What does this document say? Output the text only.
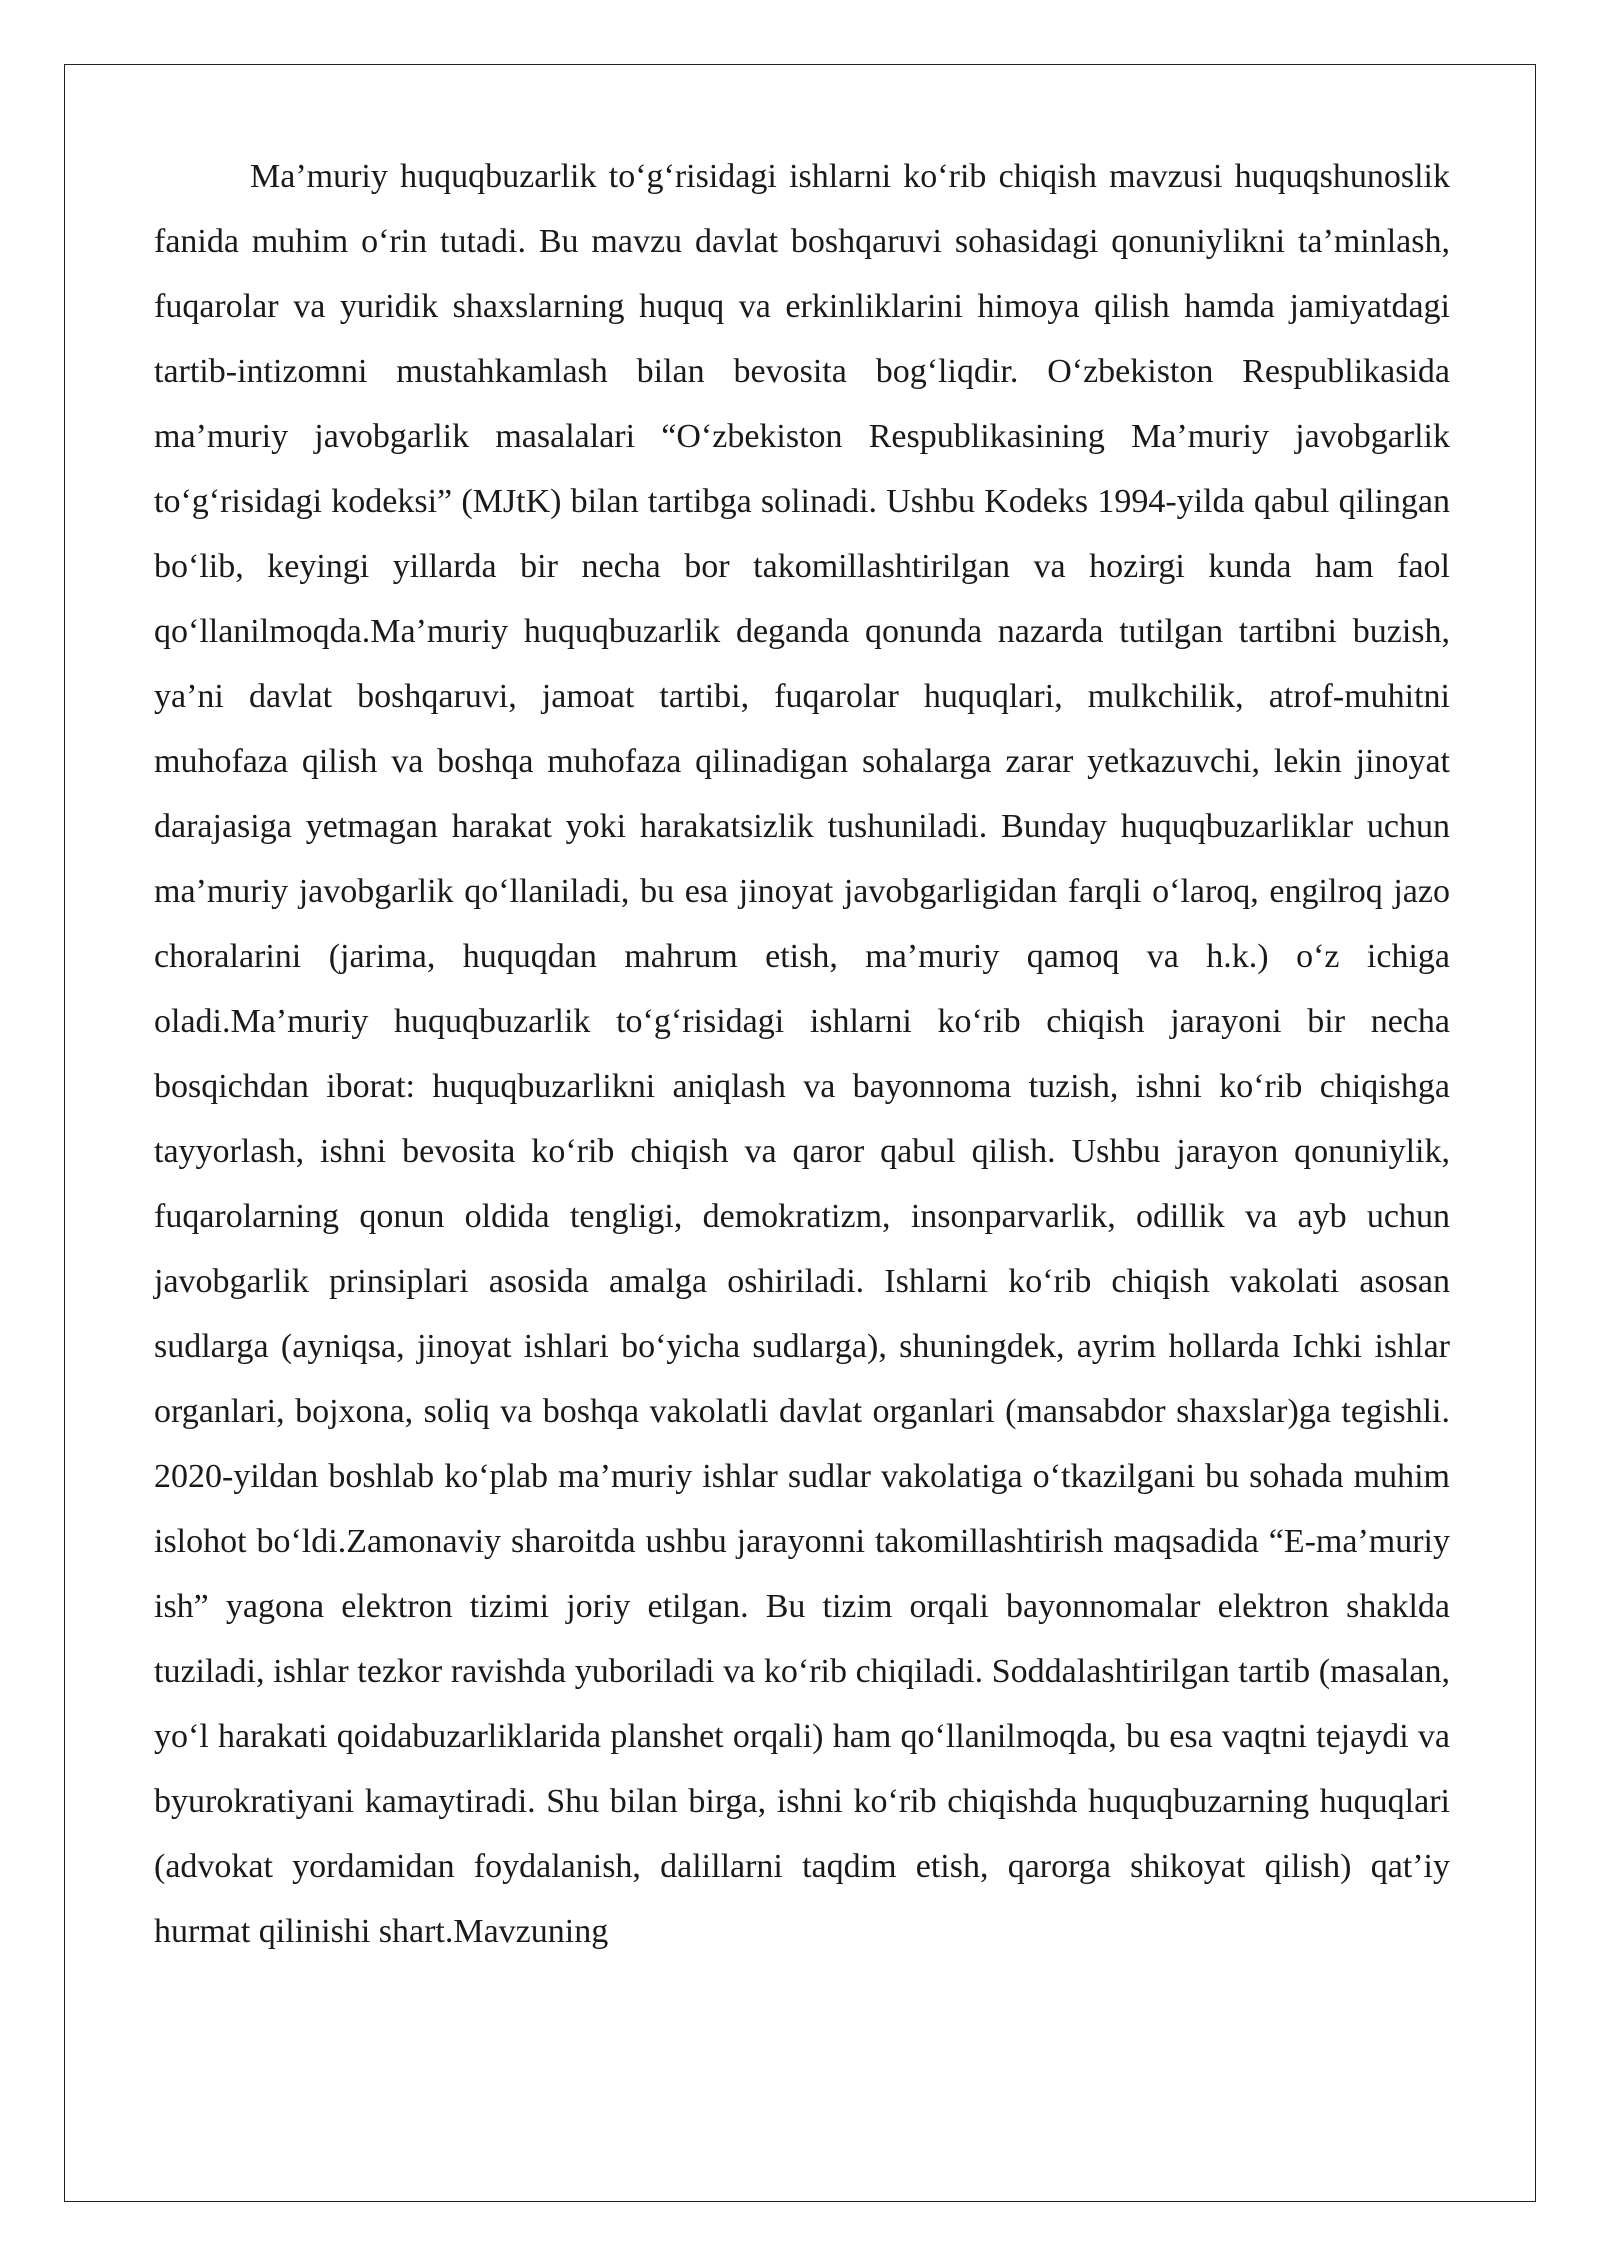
Ma’muriy huquqbuzarlik to‘g‘risidagi ishlarni ko‘rib chiqish mavzusi huquqshunoslik fanida muhim o‘rin tutadi. Bu mavzu davlat boshqaruvi sohasidagi qonuniylikni ta’minlash, fuqarolar va yuridik shaxslarning huquq va erkinliklarini himoya qilish hamda jamiyatdagi tartib-intizomni mustahkamlash bilan bevosita bog‘liqdir. O‘zbekiston Respublikasida ma’muriy javobgarlik masalalari “O‘zbekiston Respublikasining Ma’muriy javobgarlik to‘g‘risidagi kodeksi” (MJtK) bilan tartibga solinadi. Ushbu Kodeks 1994-yilda qabul qilingan bo‘lib, keyingi yillarda bir necha bor takomillashtirilgan va hozirgi kunda ham faol qo‘llanilmoqda.Ma’muriy huquqbuzarlik deganda qonunda nazarda tutilgan tartibni buzish, ya’ni davlat boshqaruvi, jamoat tartibi, fuqarolar huquqlari, mulkchilik, atrof-muhitni muhofaza qilish va boshqa muhofaza qilinadigan sohalarga zarar yetkazuvchi, lekin jinoyat darajasiga yetmagan harakat yoki harakatsizlik tushuniladi. Bunday huquqbuzarliklar uchun ma’muriy javobgarlik qo‘llaniladi, bu esa jinoyat javobgarligidan farqli o‘laroq, engilroq jazo choralarini (jarima, huquqdan mahrum etish, ma’muriy qamoq va h.k.) o‘z ichiga oladi.Ma’muriy huquqbuzarlik to‘g‘risidagi ishlarni ko‘rib chiqish jarayoni bir necha bosqichdan iborat: huquqbuzarlikni aniqlash va bayonnoma tuzish, ishni ko‘rib chiqishga tayyorlash, ishni bevosita ko‘rib chiqish va qaror qabul qilish. Ushbu jarayon qonuniylik, fuqarolarning qonun oldida tengligi, demokratizm, insonparvarlik, odillik va ayb uchun javobgarlik prinsiplari asosida amalga oshiriladi. Ishlarni ko‘rib chiqish vakolati asosan sudlarga (ayniqsa, jinoyat ishlari bo‘yicha sudlarga), shuningdek, ayrim hollarda Ichki ishlar organlari, bojxona, soliq va boshqa vakolatli davlat organlari (mansabdor shaxslar)ga tegishli. 2020-yildan boshlab ko‘plab ma’muriy ishlar sudlar vakolatiga o‘tkazilgani bu sohada muhim islohot bo‘ldi.Zamonaviy sharoitda ushbu jarayonni takomillashtirish maqsadida “E-ma’muriy ish” yagona elektron tizimi joriy etilgan. Bu tizim orqali bayonnomalar elektron shaklda tuziladi, ishlar tezkor ravishda yuboriladi va ko‘rib chiqiladi. Soddalashtirilgan tartib (masalan, yo‘l harakati qoidabuzarliklarida planshet orqali) ham qo‘llanilmoqda, bu esa vaqtni tejaydi va byurokratiyani kamaytiradi. Shu bilan birga, ishni ko‘rib chiqishda huquqbuzarning huquqlari (advokat yordamidan foydalanish, dalillarni taqdim etish, qarorga shikoyat qilish) qat’iy hurmat qilinishi shart.Mavzuning
